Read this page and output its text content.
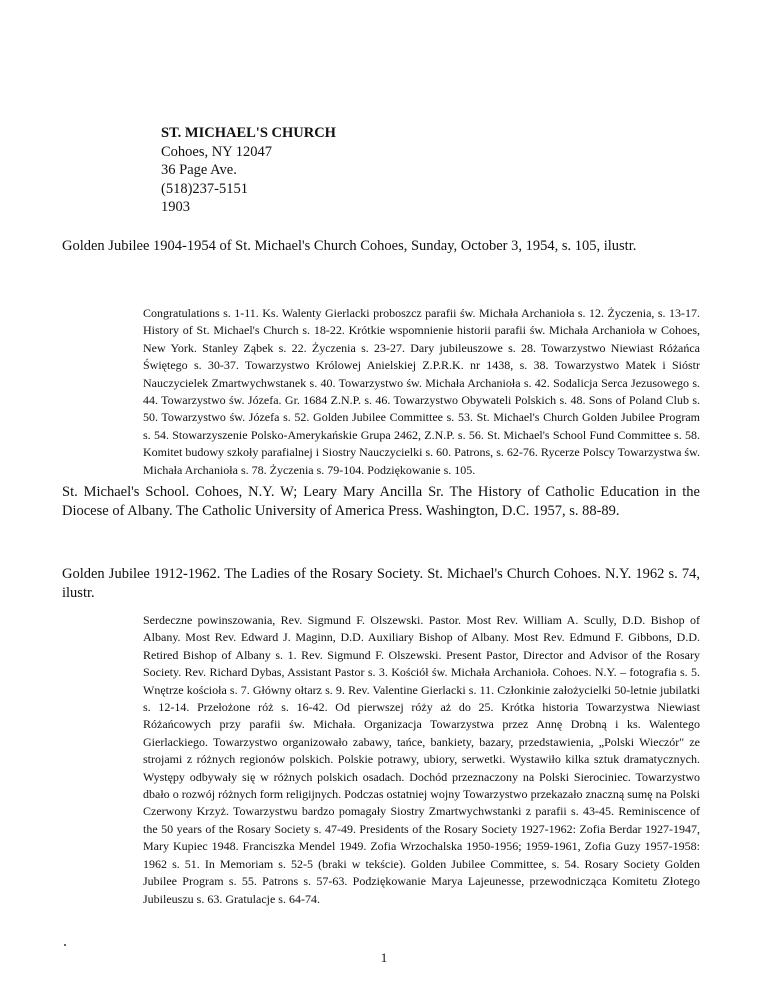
ST. MICHAEL'S CHURCH
Cohoes, NY 12047
36 Page Ave.
(518)237-5151
1903
Golden Jubilee 1904-1954 of St. Michael's Church Cohoes, Sunday, October 3, 1954, s. 105, ilustr.
Congratulations s. 1-11. Ks. Walenty Gierlacki proboszcz parafii św. Michała Archanioła s. 12. Życzenia, s. 13-17. History of St. Michael's Church s. 18-22. Krótkie wspomnienie historii parafii św. Michała Archanioła w Cohoes, New York. Stanley Ząbek s. 22. Życzenia s. 23-27. Dary jubileuszowe s. 28. Towarzystwo Niewiast Różańca Świętego s. 30-37. Towarzystwo Królowej Anielskiej Z.P.R.K. nr 1438, s. 38. Towarzystwo Matek i Sióstr Nauczycielek Zmartwychwstanek s. 40. Towarzystwo św. Michała Archanioła s. 42. Sodalicja Serca Jezusowego s. 44. Towarzystwo św. Józefa. Gr. 1684 Z.N.P. s. 46. Towarzystwo Obywateli Polskich s. 48. Sons of Poland Club s. 50. Towarzystwo św. Józefa s. 52. Golden Jubilee Committee s. 53. St. Michael's Church Golden Jubilee Program s. 54. Stowarzyszenie Polsko-Amerykańskie Grupa 2462, Z.N.P. s. 56. St. Michael's School Fund Committee s. 58. Komitet budowy szkoły parafialnej i Siostry Nauczycielki s. 60. Patrons, s. 62-76. Rycerze Polscy Towarzystwa św. Michała Archanioła s. 78. Życzenia s. 79-104. Podziękowanie s. 105.
St. Michael's School. Cohoes, N.Y. W; Leary Mary Ancilla Sr. The History of Catholic Education in the Diocese of Albany. The Catholic University of America Press. Washington, D.C. 1957, s. 88-89.
Golden Jubilee 1912-1962. The Ladies of the Rosary Society. St. Michael's Church Cohoes. N.Y. 1962 s. 74, ilustr.
Serdeczne powinszowania, Rev. Sigmund F. Olszewski. Pastor. Most Rev. William A. Scully, D.D. Bishop of Albany. Most Rev. Edward J. Maginn, D.D. Auxiliary Bishop of Albany. Most Rev. Edmund F. Gibbons, D.D. Retired Bishop of Albany s. 1. Rev. Sigmund F. Olszewski. Present Pastor, Director and Advisor of the Rosary Society. Rev. Richard Dybas, Assistant Pastor s. 3. Kościół św. Michała Archanioła. Cohoes. N.Y. – fotografia s. 5. Wnętrze kościoła s. 7. Główny ołtarz s. 9. Rev. Valentine Gierlacki s. 11. Członkinie założycielki 50-letnie jubilatki s. 12-14. Przełożone róż s. 16-42. Od pierwszej róży aż do 25. Krótka historia Towarzystwa Niewiast Różańcowych przy parafii św. Michała. Organizacja Towarzystwa przez Annę Drobną i ks. Walentego Gierlackiego. Towarzystwo organizowało zabawy, tańce, bankiety, bazary, przedstawienia, „Polski Wieczór" ze strojami z różnych regionów polskich. Polskie potrawy, ubiory, serwetki. Wystawiło kilka sztuk dramatycznych. Występy odbywały się w różnych polskich osadach. Dochód przeznaczony na Polski Sierociniec. Towarzystwo dbało o rozwój różnych form religijnych. Podczas ostatniej wojny Towarzystwo przekazało znaczną sumę na Polski Czerwony Krzyż. Towarzystwu bardzo pomagały Siostry Zmartwychwstanki z parafii s. 43-45. Reminiscence of the 50 years of the Rosary Society s. 47-49. Presidents of the Rosary Society 1927-1962: Zofia Berdar 1927-1947, Mary Kupiec 1948. Franciszka Mendel 1949. Zofia Wrzochalska 1950-1956; 1959-1961, Zofia Guzy 1957-1958: 1962 s. 51. In Memoriam s. 52-5 (braki w tekście). Golden Jubilee Committee, s. 54. Rosary Society Golden Jubilee Program s. 55. Patrons s. 57-63. Podziękowanie Marya Lajeunesse, przewodnicząca Komitetu Złotego Jubileuszu s. 63. Gratulacje s. 64-74.
1
